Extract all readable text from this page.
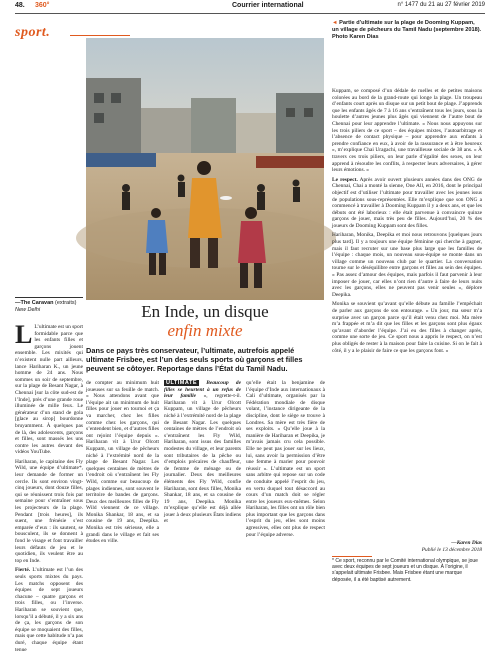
48. 360°	Courrier international	n° 1477 du 21 au 27 février 2019
sport.
◄ Partie d’ultimate sur la plage de Dooming Kuppam, un village de pêcheurs du Tamil Nadu (septembre 2018). Photo Karen Dias
—The Caravan (extraits)
New Delhi	En Inde, un disque
enfin mixte
Dans ce pays très conservateur, l’ultimate, autrefois appelé ultimate Frisbee, est l’un des seuls sports où garçons et filles peuvent se côtoyer. Reportage dans l’État du Tamil Nadu.

L L’ultimate est un sport formidable parce que les enfants filles et garçons jouent ensemble. Les mixités qui n’existent nulle part ailleurs, lance Hariharan K., un jeune homme de 24 ans. Nous sommes un soir de septembre, sur la plage de Besant Nagar, à Chennai [sur la côte sud-est de l’Inde], près d’une grande roue illuminée de mille feux. Le générateur d’un stand de gola [glace au sirop] bourdonne bruyamment. À quelques pas de là, des adolescents, garçons et filles, sont massés les uns contre les autres devant des vidéos YouTube.

Hariharan, le capitaine des Fly Wild, une équipe d’ultimate*, leur demande de former un cercle. Ils sont environ vingt-cinq joueurs, dont douze filles, qui se réunissent trois fois par semaine pour s’entraîner sous les projecteurs de la plage. Pendant [trois heures], ils suent, une frénésie s’est emparée d’eux : ils sautent, se bousculent, ils se donnent à fond le visage et font travailler leurs défauts de jeu et le quotidien, ils veulent être au top en Inde.

Fierté. L’ultimate est l’un des seuls sports mixtes du pays. Les matchs opposent des équipes de sept joueurs chacune – quatre garçons et trois filles, ou l’inverse. Hariharan se souvient que, lorsqu’il a débuté, il y a six ans de ça, les garçons de son équipe se moquaient des filles, mais que cette habitude n’a pas duré, chaque équipe étant tenue

de compter au minimum huit joueuses sur sa feuille de match. « Nous attendons avant que l’équipe ait un minimum de huit filles pour jouer en tournoi et ça va marcher, chez les filles comme chez les garçons, qui s’entendent bien, et d’autres filles ont rejoint l’équipe depuis ». Hariharan vit à Urur Olcott Kuppam, un village de pêcheurs niché à l’extrémité nord de la plage de Besant Nagar. Les quelques centaines de mètres de l’endroit où s’entraînent les Fly Wild, comme sur beaucoup de plages indiennes, sont souvent le territoire de bandes de garçons. Deux des meilleures filles de Fly Wild viennent de ce village. Monika Shankar, 18 ans, et sa cousine de 19 ans, Deepika. Monika est très sérieuse, elle a grandi dans le village et fait ses études en ville.
ULTIMATE Beaucoup de filles se heurtent à un refus de leur famille », regrette-t-il. Hariharan vit à Urur Olcott Kuppam, un village de pêcheurs niché à l’extrémité nord de la plage de Besant Nagar. Les quelques centaines de mètres de l’endroit où s’entraînent les Fly Wild, Hariharan, sont issus des familles modestes du village, et leur parents sont tributaires de la pêche ou d’emplois précaires de chauffeur, de femme de ménage ou de journalier. Deux des meilleures éléments des Fly Wild, confie Hariharan, sont deux filles, Monika Shankar, 18 ans, et sa cousine de 19 ans, Deepika. Monika m’explique qu’elle est déjà allée jouer à deux plusieurs États indiens et
qu’elle était la benjamine de l’équipe d’Inde aux internationaux à Cali d’ultimate, organisés par la Fédération mondiale de disque volant, l’instance dirigeante de la discipline, dont le siège se trouve à Londres. Sa mère est très fière de ses exploits. « Qu’elle joue à la manière de Hariharan et Deepika, je m’avais jamais cru cela possible. Elle ne peut pas jouer sur les lieux, lui, sans avoir la permission d’être une femme à marier pour pouvoir réussir ». L’ultimate est un sport sans arbitre qui repose sur un code de conduite appelé l’esprit du jeu, en vertu duquel tout désaccord au cours d’un match doit se régler entre les joueurs eux-mêmes. Selon Hariharan, les filles ont un rôle bien plus important que les garçons dans l’esprit du jeu, elles sont moins agressives, elles ont plus de respect pour l’équipe adverse.

Kuppam, se composé d’un dédale de ruelles et de petites maisons colorées au bord de la grand-route qui longe la plage. Un troupeau d’enfants court après un disque sur un petit bout de plage. J’apprends que les enfants âgés de 7 à 16 ans s’entraînent tous les jours, sous la houlette d’autres jeunes plus âgés qui viennent de l’autre bout de Chennai pour leur apprendre l’ultimate. « Nous nous appuyons sur les trois piliers de ce sport – des équipes mixtes, l’autoarbitrage et l’absence de contact physique – pour apprendre aux enfants à prendre confiance en eux, à avoir de la rassurance et à être heureux », m’explique Chai Uragachi, une travailleuse sociale de 38 ans. « À travers ces trois piliers, on leur parle d’égalité des sexes, on leur apprend à résoudre les conflits, à respecter leurs adversaires, à gérer leurs émotions. »

Le respect. Après avoir ouvert plusieurs années dans des ONG de Chennai, Chai a monté la sienne, One All, en 2016, dont le principal objectif est d’utiliser l’ultimate pour travailler avec les jeunes issus de populations sous-représentées. Elle m’explique que son ONG a commencé à travailler à Dooming Kuppam il y a deux ans, et que les débuts ont été laborieux : elle était parvenue à convaincre quinze garçons de jouer, mais très peu de filles. Aujourd’hui, 20 % des joueurs de Dooming Kuppam sont des filles.

Hariharan, Monika, Deepika et moi nous retrouvons [quelques jours plus tard]. Il y a toujours une équipe féminine qui cherche à gagner, mais il faut recruter sur une base plus large que les familles de l’équipe : chaque mois, un nouveau sous-équipe se monte dans un village comme un nouveau club par le quartier. La conversation tourne sur le déséquilibre entre garçons et filles au sein des équipes. « Pas assez d’amour des équipes, mais parfois il faut parvenir à leur imposer de jouer, car elles n’ont rien d’autre à faire de leurs nuits avec les garçons, elles ne peuvent pas venir seules », déplore Deepika.

Monika se souvient qu’avant qu’elle débute au famille l’empêchait de parler aux garçons de son entourage. « Un jour, ma sœur m’a surprise avec un garçon parce qu’il était venu chez moi. Ma mère m’a frappée et m’a dit que les filles et les garçons sont plus égaux qu’avant d’aborder l’équipe. J’ai eu des filles à changer après, comme une sorte de jeu. Ce sport nous a appris le respect, on n’est plus obligés de rester à la maison pour faire la cuisine. Si on le fait à côté, il y a le plaisir de faire ce que les garçons font. »

—Karen Dias
Publié le 13 décembre 2018
* Ce sport, reconnu par le Comité international olympique, se joue avec deux équipes de sept joueurs et un disque. À l’origine, il s’appelait ultimate Frisbee. Mais Frisbee étant une marque déposée, il a été baptisé autrement.
